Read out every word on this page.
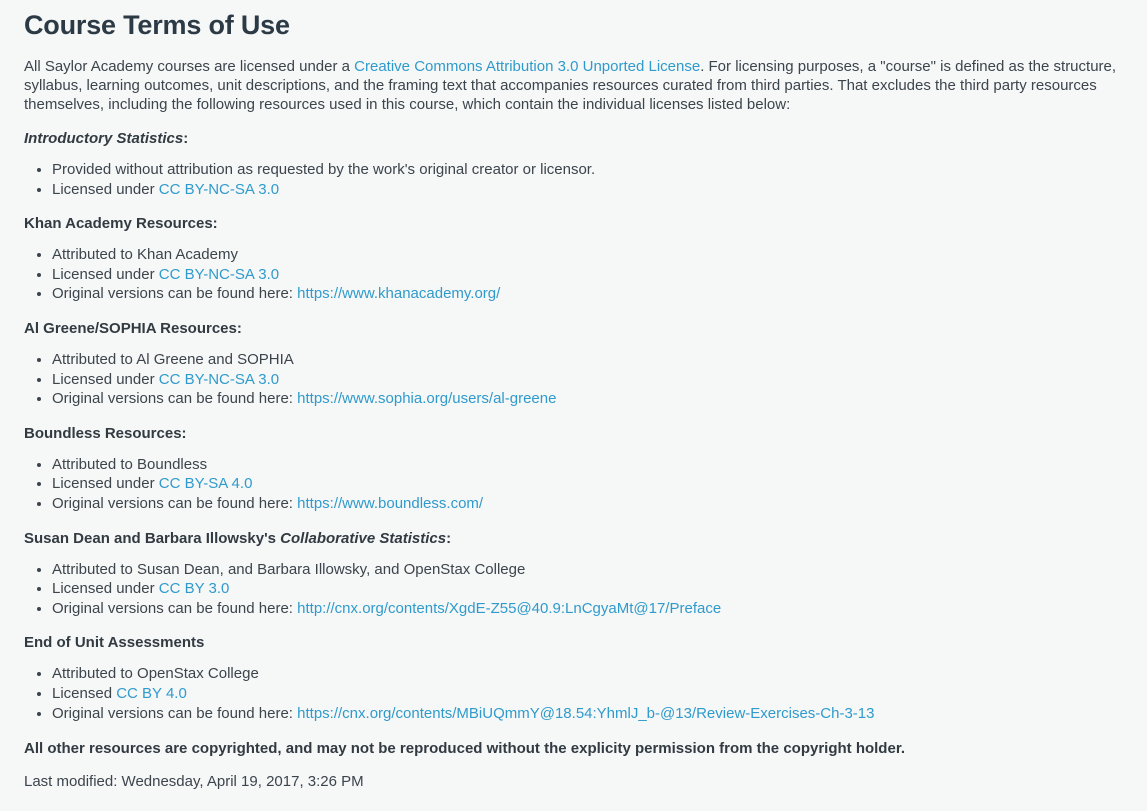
Course Terms of Use

All Saylor Academy courses are licensed under a Creative Commons Attribution 3.0 Unported License. For licensing purposes, a "course" is defined as the structure, syllabus, learning outcomes, unit descriptions, and the framing text that accompanies resources curated from third parties. That excludes the third party resources themselves, including the following resources used in this course, which contain the individual licenses listed below:

Introductory Statistics:
• Provided without attribution as requested by the work's original creator or licensor.
• Licensed under CC BY-NC-SA 3.0
Khan Academy Resources:
• Attributed to Khan Academy
• Licensed under CC BY-NC-SA 3.0
• Original versions can be found here: https://www.khanacademy.org/
Al Greene/SOPHIA Resources:
• Attributed to Al Greene and SOPHIA
• Licensed under CC BY-NC-SA 3.0
• Original versions can be found here: https://www.sophia.org/users/al-greene
Boundless Resources:
• Attributed to Boundless
• Licensed under CC BY-SA 4.0
• Original versions can be found here: https://www.boundless.com/
Susan Dean and Barbara Illowsky's Collaborative Statistics:
• Attributed to Susan Dean, and Barbara Illowsky, and OpenStax College
• Licensed under CC BY 3.0
• Original versions can be found here: http://cnx.org/contents/XgdE-Z55@40.9:LnCgyaMt@17/Preface
End of Unit Assessments
• Attributed to OpenStax College
• Licensed CC BY 4.0
• Original versions can be found here: https://cnx.org/contents/MBiUQmmY@18.54:YhmlJ_b-@13/Review-Exercises-Ch-3-13

All other resources are copyrighted, and may not be reproduced without the explicity permission from the copyright holder.

Last modified: Wednesday, April 19, 2017, 3:26 PM
